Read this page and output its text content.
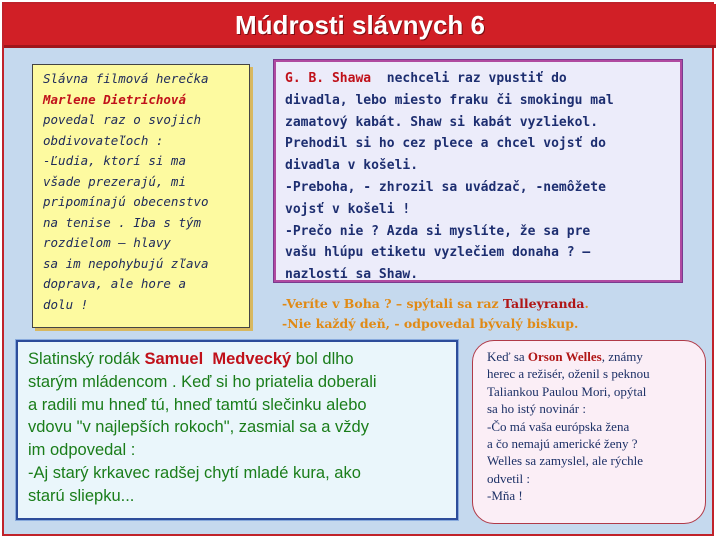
Múdrosti slávnych 6
Slávna filmová herečka
Marlene Dietrichová
povedal raz o svojich
obdivovateľoch :
-Ľudia, ktorí si ma
všade prezerajú, mi
pripomínajú obecenstvo
na tenise . Iba s tým
rozdielom – hlavy
sa im nepohybujú zľava
doprava, ale hore a
dolu !
G. B. Shawa  nechceli raz vpustiť do
divadla, lebo miesto fraku či smokingu mal
zamatový kabát. Shaw si kabát vyzliekol.
Prehodil si ho cez plece a chcel vojsť do
divadla v košeli.
-Preboha, - zhrozil sa uvádzač, -nemôžete
vojsť v košeli !
-Prečo nie ? Azda si myslíte, že sa pre
vašu hlúpu etiketu vyzlečiem donaha ? –
nazlostí sa Shaw.
-Veríte v Boha ? – spýtali sa raz Talleyranda.
-Nie každý deň, - odpovedal bývalý biskup.
Slatinský rodák Samuel  Medvecký bol dlho
starým mládencom . Keď si ho priatelia doberali
a radili mu hneď tú, hneď tamtú slečinku alebo
vdovu "v najlepších rokoch", zasmial sa a vždy
im odpovedal :
-Aj starý krkavec radšej chytí mladé kura, ako
starú sliepku...
Keď sa Orson Welles, známy
herec a režisér, oženil s peknou
Taliankou Paulou Mori, opýtal
sa ho istý novinár :
-Čo má vaša európska žena
a čo nemajú americké ženy ?
Welles sa zamyslel, ale rýchle
odvetil :
-Mňa !
